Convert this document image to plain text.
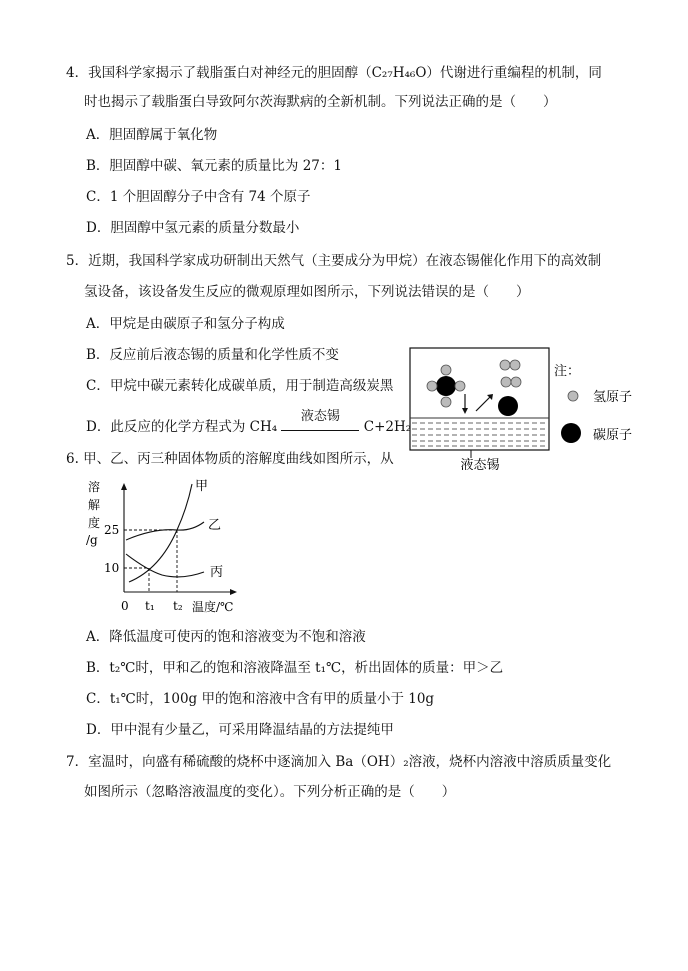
4．我国科学家揭示了载脂蛋白对神经元的胆固醇（C₂₇H₄₆O）代谢进行重编程的机制，同
时也揭示了载脂蛋白导致阿尔茨海默病的全新机制。下列说法正确的是（　　）
A．胆固醇属于氧化物
B．胆固醇中碳、氧元素的质量比为 27：1
C．1 个胆固醇分子中含有 74 个原子
D．胆固醇中氢元素的质量分数最小
5．近期，我国科学家成功研制出天然气（主要成分为甲烷）在液态锡催化作用下的高效制
氢设备，该设备发生反应的微观原理如图所示，下列说法错误的是（　　）
A．甲烷是由碳原子和氢分子构成
B．反应前后液态锡的质量和化学性质不变
C．甲烷中碳元素转化成碳单质，用于制造高级炭黑
D．此反应的化学方程式为 CH₄
液态锡
C+2H₂
液态锡
注：
氢原子
碳原子
6. 甲、乙、丙三种固体物质的溶解度曲线如图所示，从
溶
解
度
/g
25
10
0 t₁ t₂ 温度/℃
甲
乙
丙
A．降低温度可使丙的饱和溶液变为不饱和溶液
B．t₂℃时，甲和乙的饱和溶液降温至 t₁℃，析出固体的质量：甲＞乙
C．t₁℃时，100g 甲的饱和溶液中含有甲的质量小于 10g
D．甲中混有少量乙，可采用降温结晶的方法提纯甲
7．室温时，向盛有稀硫酸的烧杯中逐滴加入 Ba（OH）₂溶液，烧杯内溶液中溶质质量变化
如图所示（忽略溶液温度的变化）。下列分析正确的是（　　）
